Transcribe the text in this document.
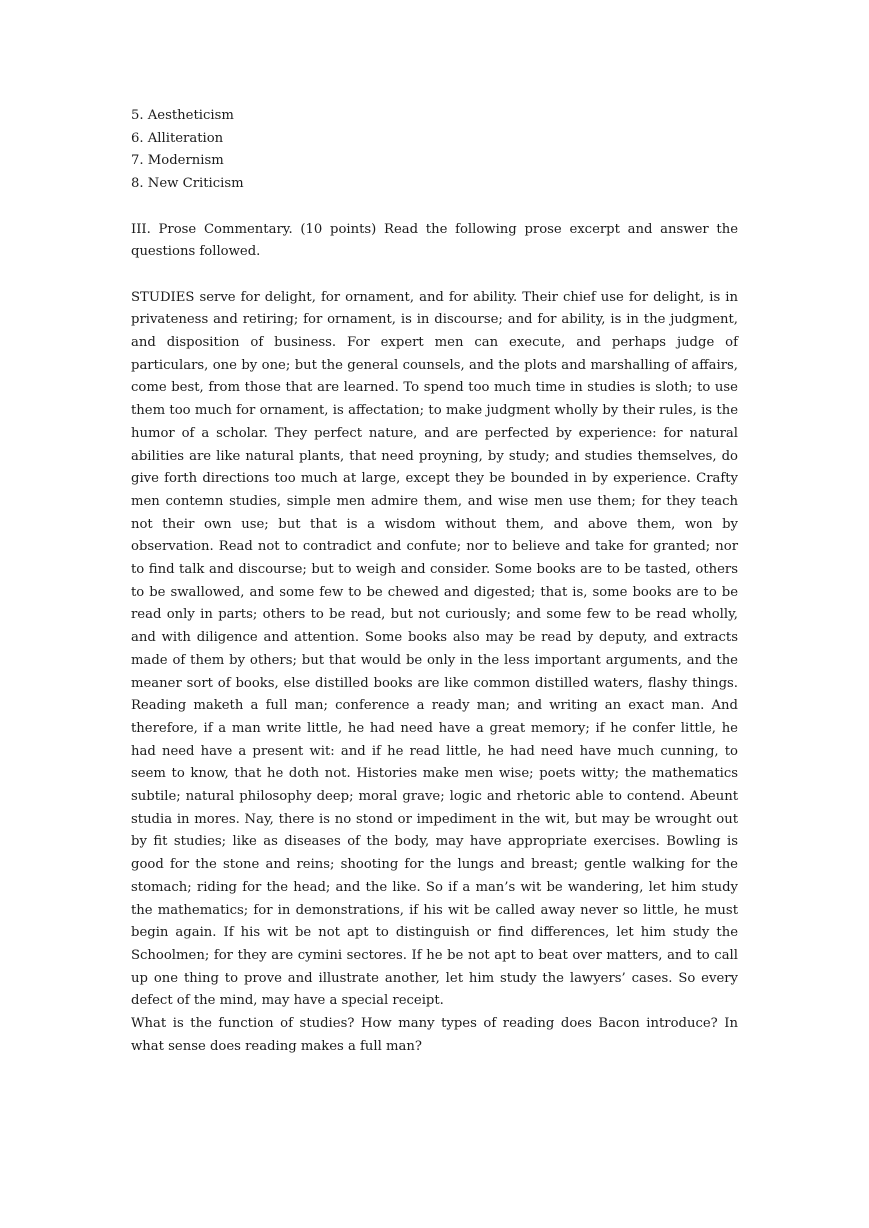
5. Aestheticism

6. Alliteration

7. Modernism

8. New Criticism

III. Prose Commentary. (10 points) Read the following prose excerpt and answer the questions followed.

STUDIES serve for delight, for ornament, and for ability. Their chief use for delight, is in privateness and retiring; for ornament, is in discourse; and for ability, is in the judgment, and disposition of business. For expert men can execute, and perhaps judge of particulars, one by one; but the general counsels, and the plots and marshalling of affairs, come best, from those that are learned. To spend too much time in studies is sloth; to use them too much for ornament, is affectation; to make judgment wholly by their rules, is the humor of a scholar. They perfect nature, and are perfected by experience: for natural abilities are like natural plants, that need proyning, by study; and studies themselves, do give forth directions too much at large, except they be bounded in by experience. Crafty men contemn studies, simple men admire them, and wise men use them; for they teach not their own use; but that is a wisdom without them, and above them, won by observation. Read not to contradict and confute; nor to believe and take for granted; nor to find talk and discourse; but to weigh and consider. Some books are to be tasted, others to be swallowed, and some few to be chewed and digested; that is, some books are to be read only in parts; others to be read, but not curiously; and some few to be read wholly, and with diligence and attention. Some books also may be read by deputy, and extracts made of them by others; but that would be only in the less important arguments, and the meaner sort of books, else distilled books are like common distilled waters, flashy things. Reading maketh a full man; conference a ready man; and writing an exact man. And therefore, if a man write little, he had need have a great memory; if he confer little, he had need have a present wit: and if he read little, he had need have much cunning, to seem to know, that he doth not. Histories make men wise; poets witty; the mathematics subtile; natural philosophy deep; moral grave; logic and rhetoric able to contend. Abeunt studia in mores. Nay, there is no stond or impediment in the wit, but may be wrought out by fit studies; like as diseases of the body, may have appropriate exercises. Bowling is good for the stone and reins; shooting for the lungs and breast; gentle walking for the stomach; riding for the head; and the like. So if a man’s wit be wandering, let him study the mathematics; for in demonstrations, if his wit be called away never so little, he must begin again. If his wit be not apt to distinguish or find differences, let him study the Schoolmen; for they are cymini sectores. If he be not apt to beat over matters, and to call up one thing to prove and illustrate another, let him study the lawyers’ cases. So every defect of the mind, may have a special receipt.

What is the function of studies? How many types of reading does Bacon introduce? In what sense does reading makes a full man?
